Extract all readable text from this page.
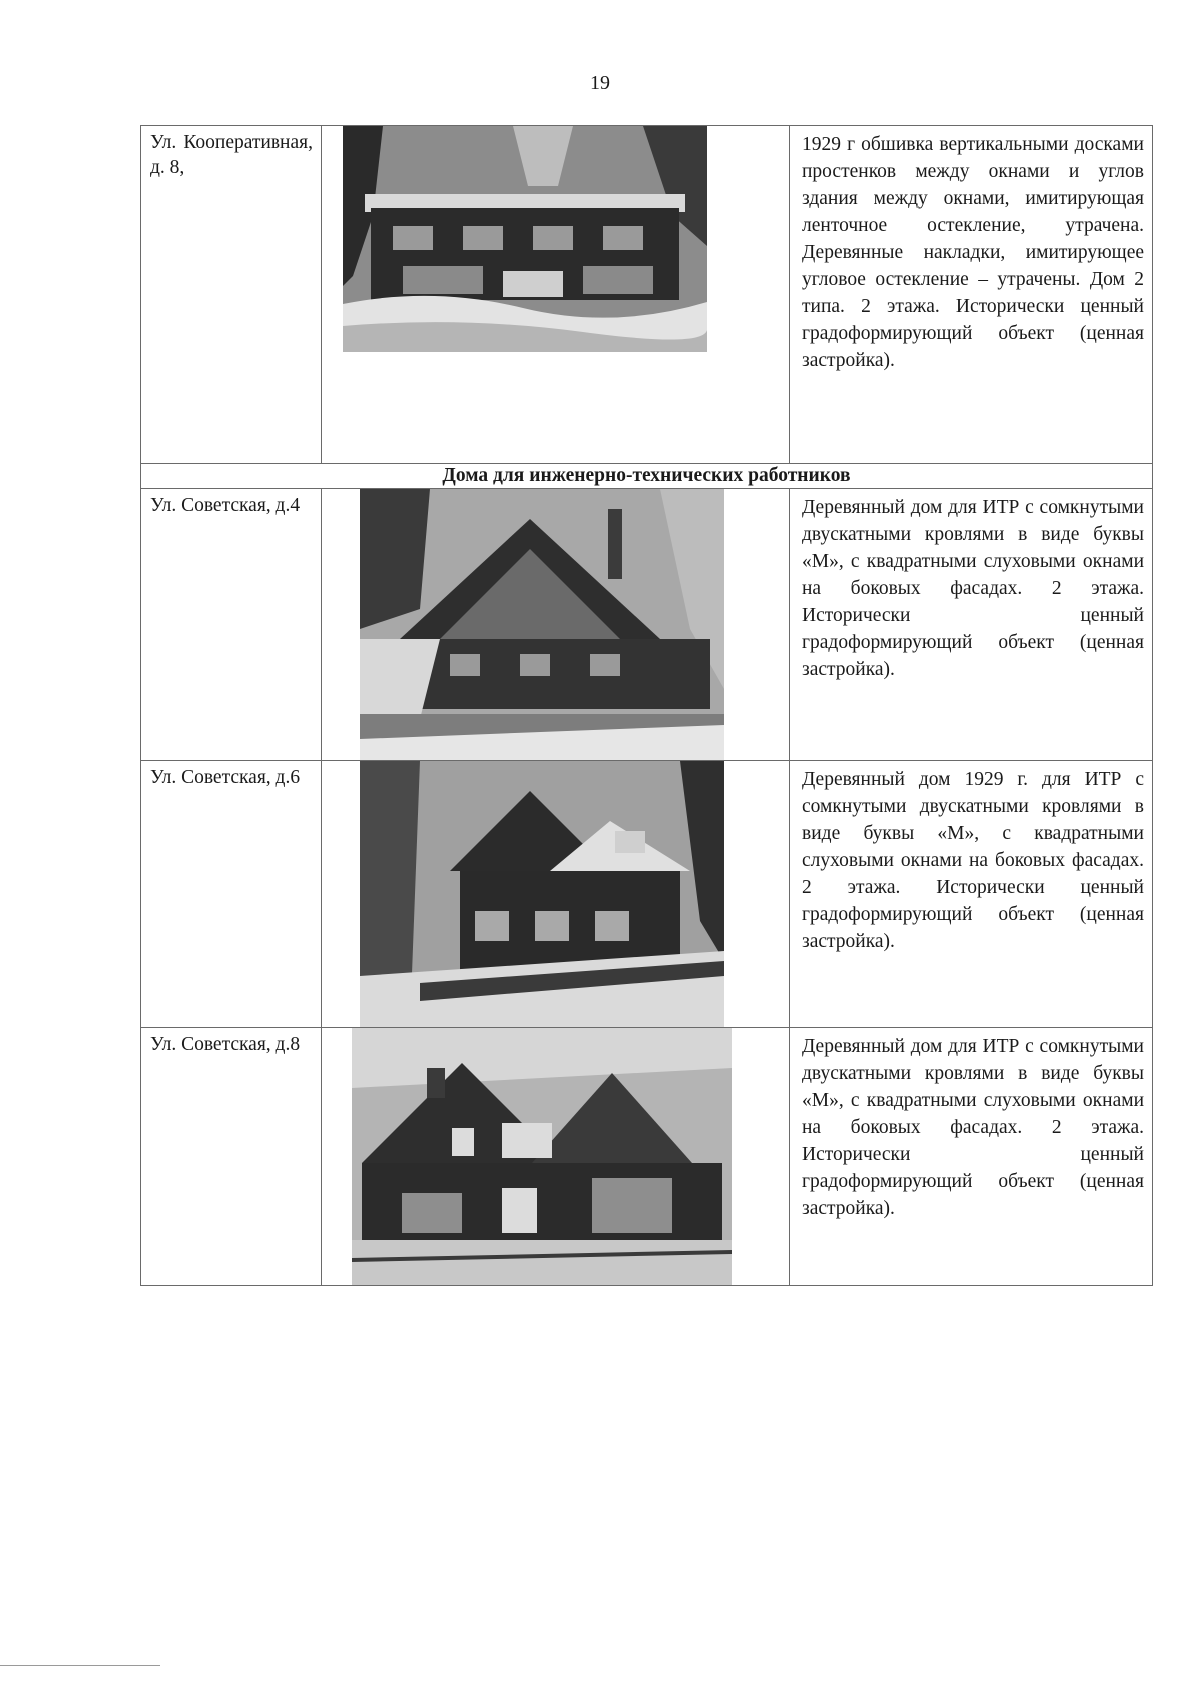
19
Ул. Кооперативная, д. 8,		1929 г обшивка вертикальными досками простенков между окнами и углов здания между окнами, имитирующая ленточное остекление, утрачена. Деревянные накладки, имитирующее угловое остекление – утрачены. Дом 2 типа. 2 этажа. Исторически ценный градоформирующий объект (ценная застройка).

Дома для инженерно-технических работников		

Ул. Советская, д.4		Деревянный дом для ИТР с сомкнутыми двускатными кровлями в виде буквы «М», с квадратными слуховыми окнами на боковых фасадах. 2 этажа. Исторически ценный градоформирующий объект (ценная застройка).

Ул. Советская, д.6		Деревянный дом 1929 г. для ИТР с сомкнутыми двускатными кровлями в виде буквы «М», с квадратными слуховыми окнами на боковых фасадах. 2 этажа. Исторически ценный градоформирующий объект (ценная застройка).

Ул. Советская, д.8		Деревянный дом для ИТР с сомкнутыми двускатными кровлями в виде буквы «М», с квадратными слуховыми окнами на боковых фасадах. 2 этажа. Исторически ценный градоформирующий объект (ценная застройка).
